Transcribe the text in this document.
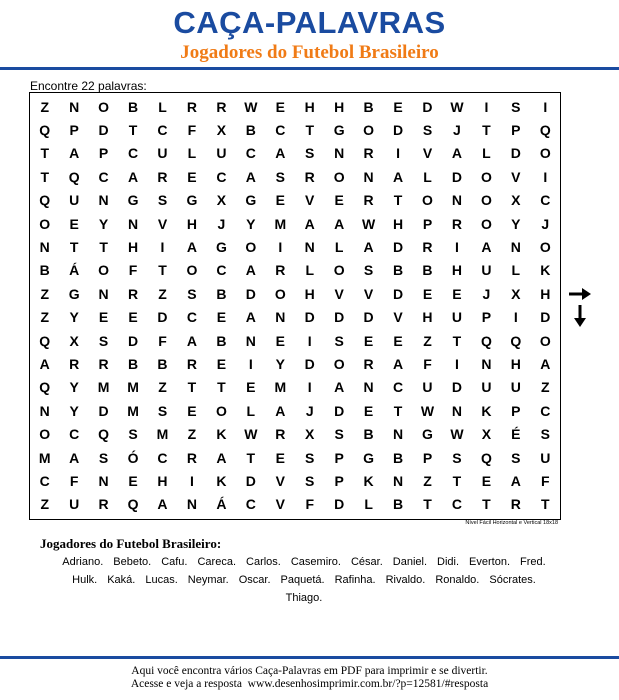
CAÇA-PALAVRAS
Jogadores do Futebol Brasileiro
Encontre 22 palavras:
Z	N	O	B	L	R	R	W	E	H	H	B	E	D	W	I	S	I
Q	P	D	T	C	F	X	B	C	T	G	O	D	S	J	T	P	Q
T	A	P	C	U	L	U	C	A	S	N	R	I	V	A	L	D	O
T	Q	C	A	R	E	C	A	S	R	O	N	A	L	D	O	V	I
Q	U	N	G	S	G	X	G	E	V	E	R	T	O	N	O	X	C
O	E	Y	N	V	H	J	Y	M	A	A	W	H	P	R	O	Y	J
N	T	T	H	I	A	G	O	I	N	L	A	D	R	I	A	N	O
B	Á	O	F	T	O	C	A	R	L	O	S	B	B	H	U	L	K
Z	G	N	R	Z	S	B	D	O	H	V	V	D	E	E	J	X	H
Z	Y	E	E	D	C	E	A	N	D	D	D	V	H	U	P	I	D
Q	X	S	D	F	A	B	N	E	I	S	E	E	Z	T	Q	Q	O
A	R	R	B	B	R	E	I	Y	D	O	R	A	F	I	N	H	A
Q	Y	M	M	Z	T	T	E	M	I	A	N	C	U	D	U	U	Z
N	Y	D	M	S	E	O	L	A	J	D	E	T	W	N	K	P	C
O	C	Q	S	M	Z	K	W	R	X	S	B	N	G	W	X	É	S
M	A	S	Ó	C	R	A	T	E	S	P	G	B	P	S	Q	S	U
C	F	N	E	H	I	K	D	V	S	P	K	N	Z	T	E	A	F
Z	U	R	Q	A	N	Á	C	V	F	D	L	B	T	C	T	R	T
Nível Fácil Horizontal e Vertical 18x18
Jogadores do Futebol Brasileiro:
Adriano. Bebeto. Cafu. Careca. Carlos. Casemiro. César. Daniel. Didi. Everton. Fred.Hulk. Kaká. Lucas. Neymar. Oscar. Paquetá. Rafinha. Rivaldo. Ronaldo. Sócrates.Thiago.
Aqui você encontra vários Caça-Palavras em PDF para imprimir e se divertir.
Acesse e veja a resposta  www.desenhosimprimir.com.br/?p=12581/#resposta
